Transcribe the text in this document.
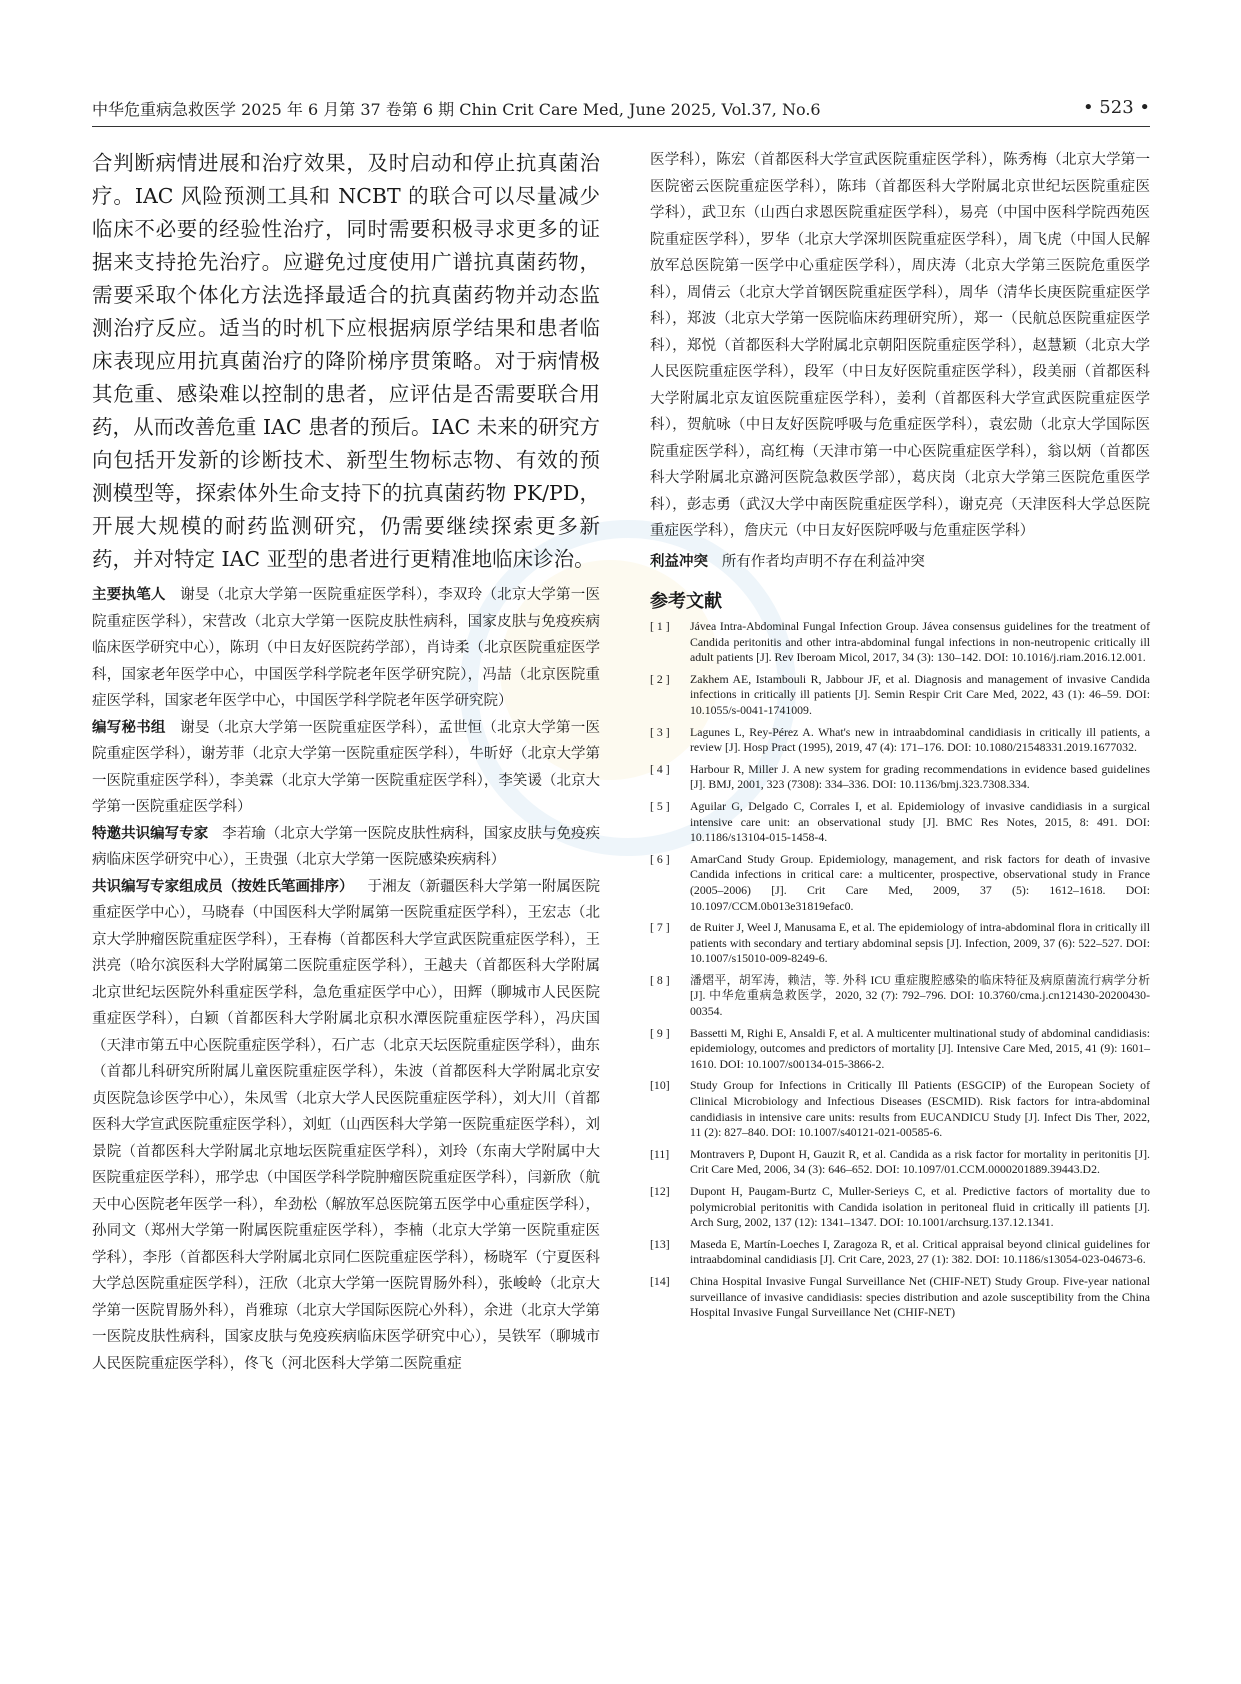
中华危重病急救医学 2025 年 6 月第 37 卷第 6 期 Chin Crit Care Med, June 2025, Vol.37, No.6	• 523 •

合判断病情进展和治疗效果，及时启动和停止抗真菌治疗。IAC 风险预测工具和 NCBT 的联合可以尽量减少临床不必要的经验性治疗，同时需要积极寻求更多的证据来支持抢先治疗。应避免过度使用广谱抗真菌药物，需要采取个体化方法选择最适合的抗真菌药物并动态监测治疗反应。适当的时机下应根据病原学结果和患者临床表现应用抗真菌治疗的降阶梯序贯策略。对于病情极其危重、感染难以控制的患者，应评估是否需要联合用药，从而改善危重 IAC 患者的预后。IAC 未来的研究方向包括开发新的诊断技术、新型生物标志物、有效的预测模型等，探索体外生命支持下的抗真菌药物 PK/PD，开展大规模的耐药监测研究，仍需要继续探索更多新药，并对特定 IAC 亚型的患者进行更精准地临床诊治。

主要执笔人 谢旻（北京大学第一医院重症医学科），李双玲（北京大学第一医院重症医学科），宋营改（北京大学第一医院皮肤性病科，国家皮肤与免疫疾病临床医学研究中心），陈玥（中日友好医院药学部），肖诗柔（北京医院重症医学科，国家老年医学中心，中国医学科学院老年医学研究院），冯喆（北京医院重症医学科，国家老年医学中心，中国医学科学院老年医学研究院）

编写秘书组 谢旻（北京大学第一医院重症医学科），孟世恒（北京大学第一医院重症医学科），谢芳菲（北京大学第一医院重症医学科），牛昕妤（北京大学第一医院重症医学科），李美霖（北京大学第一医院重症医学科），李笑谖（北京大学第一医院重症医学科）

特邀共识编写专家 李若瑜（北京大学第一医院皮肤性病科，国家皮肤与免疫疾病临床医学研究中心），王贵强（北京大学第一医院感染疾病科）

共识编写专家组成员（按姓氏笔画排序） 于湘友（新疆医科大学第一附属医院重症医学中心），马晓春（中国医科大学附属第一医院重症医学科），王宏志（北京大学肿瘤医院重症医学科），王春梅（首都医科大学宣武医院重症医学科），王洪亮（哈尔滨医科大学附属第二医院重症医学科），王越夫（首都医科大学附属北京世纪坛医院外科重症医学科，急危重症医学中心），田辉（聊城市人民医院重症医学科），白颖（首都医科大学附属北京积水潭医院重症医学科），冯庆国（天津市第五中心医院重症医学科），石广志（北京天坛医院重症医学科），曲东（首都儿科研究所附属儿童医院重症医学科），朱波（首都医科大学附属北京安贞医院急诊医学中心），朱凤雪（北京大学人民医院重症医学科），刘大川（首都医科大学宣武医院重症医学科），刘虹（山西医科大学第一医院重症医学科），刘景院（首都医科大学附属北京地坛医院重症医学科），刘玲（东南大学附属中大医院重症医学科），邢学忠（中国医学科学院肿瘤医院重症医学科），闫新欣（航天中心医院老年医学一科），牟劲松（解放军总医院第五医学中心重症医学科），孙同文（郑州大学第一附属医院重症医学科），李楠（北京大学第一医院重症医学科），李彤（首都医科大学附属北京同仁医院重症医学科），杨晓军（宁夏医科大学总医院重症医学科），汪欣（北京大学第一医院胃肠外科），张峻岭（北京大学第一医院胃肠外科），肖雅琼（北京大学国际医院心外科），余进（北京大学第一医院皮肤性病科，国家皮肤与免疫疾病临床医学研究中心），吴铁军（聊城市人民医院重症医学科），佟飞（河北医科大学第二医院重症

医学科），陈宏（首都医科大学宣武医院重症医学科），陈秀梅（北京大学第一医院密云医院重症医学科），陈玮（首都医科大学附属北京世纪坛医院重症医学科），武卫东（山西白求恩医院重症医学科），易亮（中国中医科学院西苑医院重症医学科），罗华（北京大学深圳医院重症医学科），周飞虎（中国人民解放军总医院第一医学中心重症医学科），周庆涛（北京大学第三医院危重医学科），周倩云（北京大学首钢医院重症医学科），周华（清华长庚医院重症医学科），郑波（北京大学第一医院临床药理研究所），郑一（民航总医院重症医学科），郑悦（首都医科大学附属北京朝阳医院重症医学科），赵慧颖（北京大学人民医院重症医学科），段军（中日友好医院重症医学科），段美丽（首都医科大学附属北京友谊医院重症医学科），姜利（首都医科大学宣武医院重症医学科），贺航咏（中日友好医院呼吸与危重症医学科），袁宏勋（北京大学国际医院重症医学科），高红梅（天津市第一中心医院重症医学科），翁以炳（首都医科大学附属北京潞河医院急救医学部），葛庆岗（北京大学第三医院危重医学科），彭志勇（武汉大学中南医院重症医学科），谢克亮（天津医科大学总医院重症医学科），詹庆元（中日友好医院呼吸与危重症医学科）

利益冲突 所有作者均声明不存在利益冲突

参考文献
[ 1 ] Jávea Intra-Abdominal Fungal Infection Group. Jávea consensus guidelines for the treatment of Candida peritonitis and other intra-abdominal fungal infections in non-neutropenic critically ill adult patients [J]. Rev Iberoam Micol, 2017, 34 (3): 130–142. DOI: 10.1016/j.riam.2016.12.001.
[ 2 ] Zakhem AE, Istambouli R, Jabbour JF, et al. Diagnosis and management of invasive Candida infections in critically ill patients [J]. Semin Respir Crit Care Med, 2022, 43 (1): 46–59. DOI: 10.1055/s-0041-1741009.
[ 3 ] Lagunes L, Rey-Pérez A. What's new in intraabdominal candidiasis in critically ill patients, a review [J]. Hosp Pract (1995), 2019, 47 (4): 171–176. DOI: 10.1080/21548331.2019.1677032.
[ 4 ] Harbour R, Miller J. A new system for grading recommendations in evidence based guidelines [J]. BMJ, 2001, 323 (7308): 334–336. DOI: 10.1136/bmj.323.7308.334.
[ 5 ] Aguilar G, Delgado C, Corrales I, et al. Epidemiology of invasive candidiasis in a surgical intensive care unit: an observational study [J]. BMC Res Notes, 2015, 8: 491. DOI: 10.1186/s13104-015-1458-4.
[ 6 ] AmarCand Study Group. Epidemiology, management, and risk factors for death of invasive Candida infections in critical care: a multicenter, prospective, observational study in France (2005–2006) [J]. Crit Care Med, 2009, 37 (5): 1612–1618. DOI: 10.1097/CCM.0b013e31819efac0.
[ 7 ] de Ruiter J, Weel J, Manusama E, et al. The epidemiology of intra-abdominal flora in critically ill patients with secondary and tertiary abdominal sepsis [J]. Infection, 2009, 37 (6): 522–527. DOI: 10.1007/s15010-009-8249-6.
[ 8 ] 潘熠平，胡军涛，赖洁，等. 外科 ICU 重症腹腔感染的临床特征及病原菌流行病学分析 [J]. 中华危重病急救医学，2020, 32 (7): 792–796. DOI: 10.3760/cma.j.cn121430-20200430-00354.
[ 9 ] Bassetti M, Righi E, Ansaldi F, et al. A multicenter multinational study of abdominal candidiasis: epidemiology, outcomes and predictors of mortality [J]. Intensive Care Med, 2015, 41 (9): 1601–1610. DOI: 10.1007/s00134-015-3866-2.
[10] Study Group for Infections in Critically Ill Patients (ESGCIP) of the European Society of Clinical Microbiology and Infectious Diseases (ESCMID). Risk factors for intra-abdominal candidiasis in intensive care units: results from EUCANDICU Study [J]. Infect Dis Ther, 2022, 11 (2): 827–840. DOI: 10.1007/s40121-021-00585-6.
[11] Montravers P, Dupont H, Gauzit R, et al. Candida as a risk factor for mortality in peritonitis [J]. Crit Care Med, 2006, 34 (3): 646–652. DOI: 10.1097/01.CCM.0000201889.39443.D2.
[12] Dupont H, Paugam-Burtz C, Muller-Serieys C, et al. Predictive factors of mortality due to polymicrobial peritonitis with Candida isolation in peritoneal fluid in critically ill patients [J]. Arch Surg, 2002, 137 (12): 1341–1347. DOI: 10.1001/archsurg.137.12.1341.
[13] Maseda E, Martín-Loeches I, Zaragoza R, et al. Critical appraisal beyond clinical guidelines for intraabdominal candidiasis [J]. Crit Care, 2023, 27 (1): 382. DOI: 10.1186/s13054-023-04673-6.
[14] China Hospital Invasive Fungal Surveillance Net (CHIF-NET) Study Group. Five-year national surveillance of invasive candidiasis: species distribution and azole susceptibility from the China Hospital Invasive Fungal Surveillance Net (CHIF-NET)
